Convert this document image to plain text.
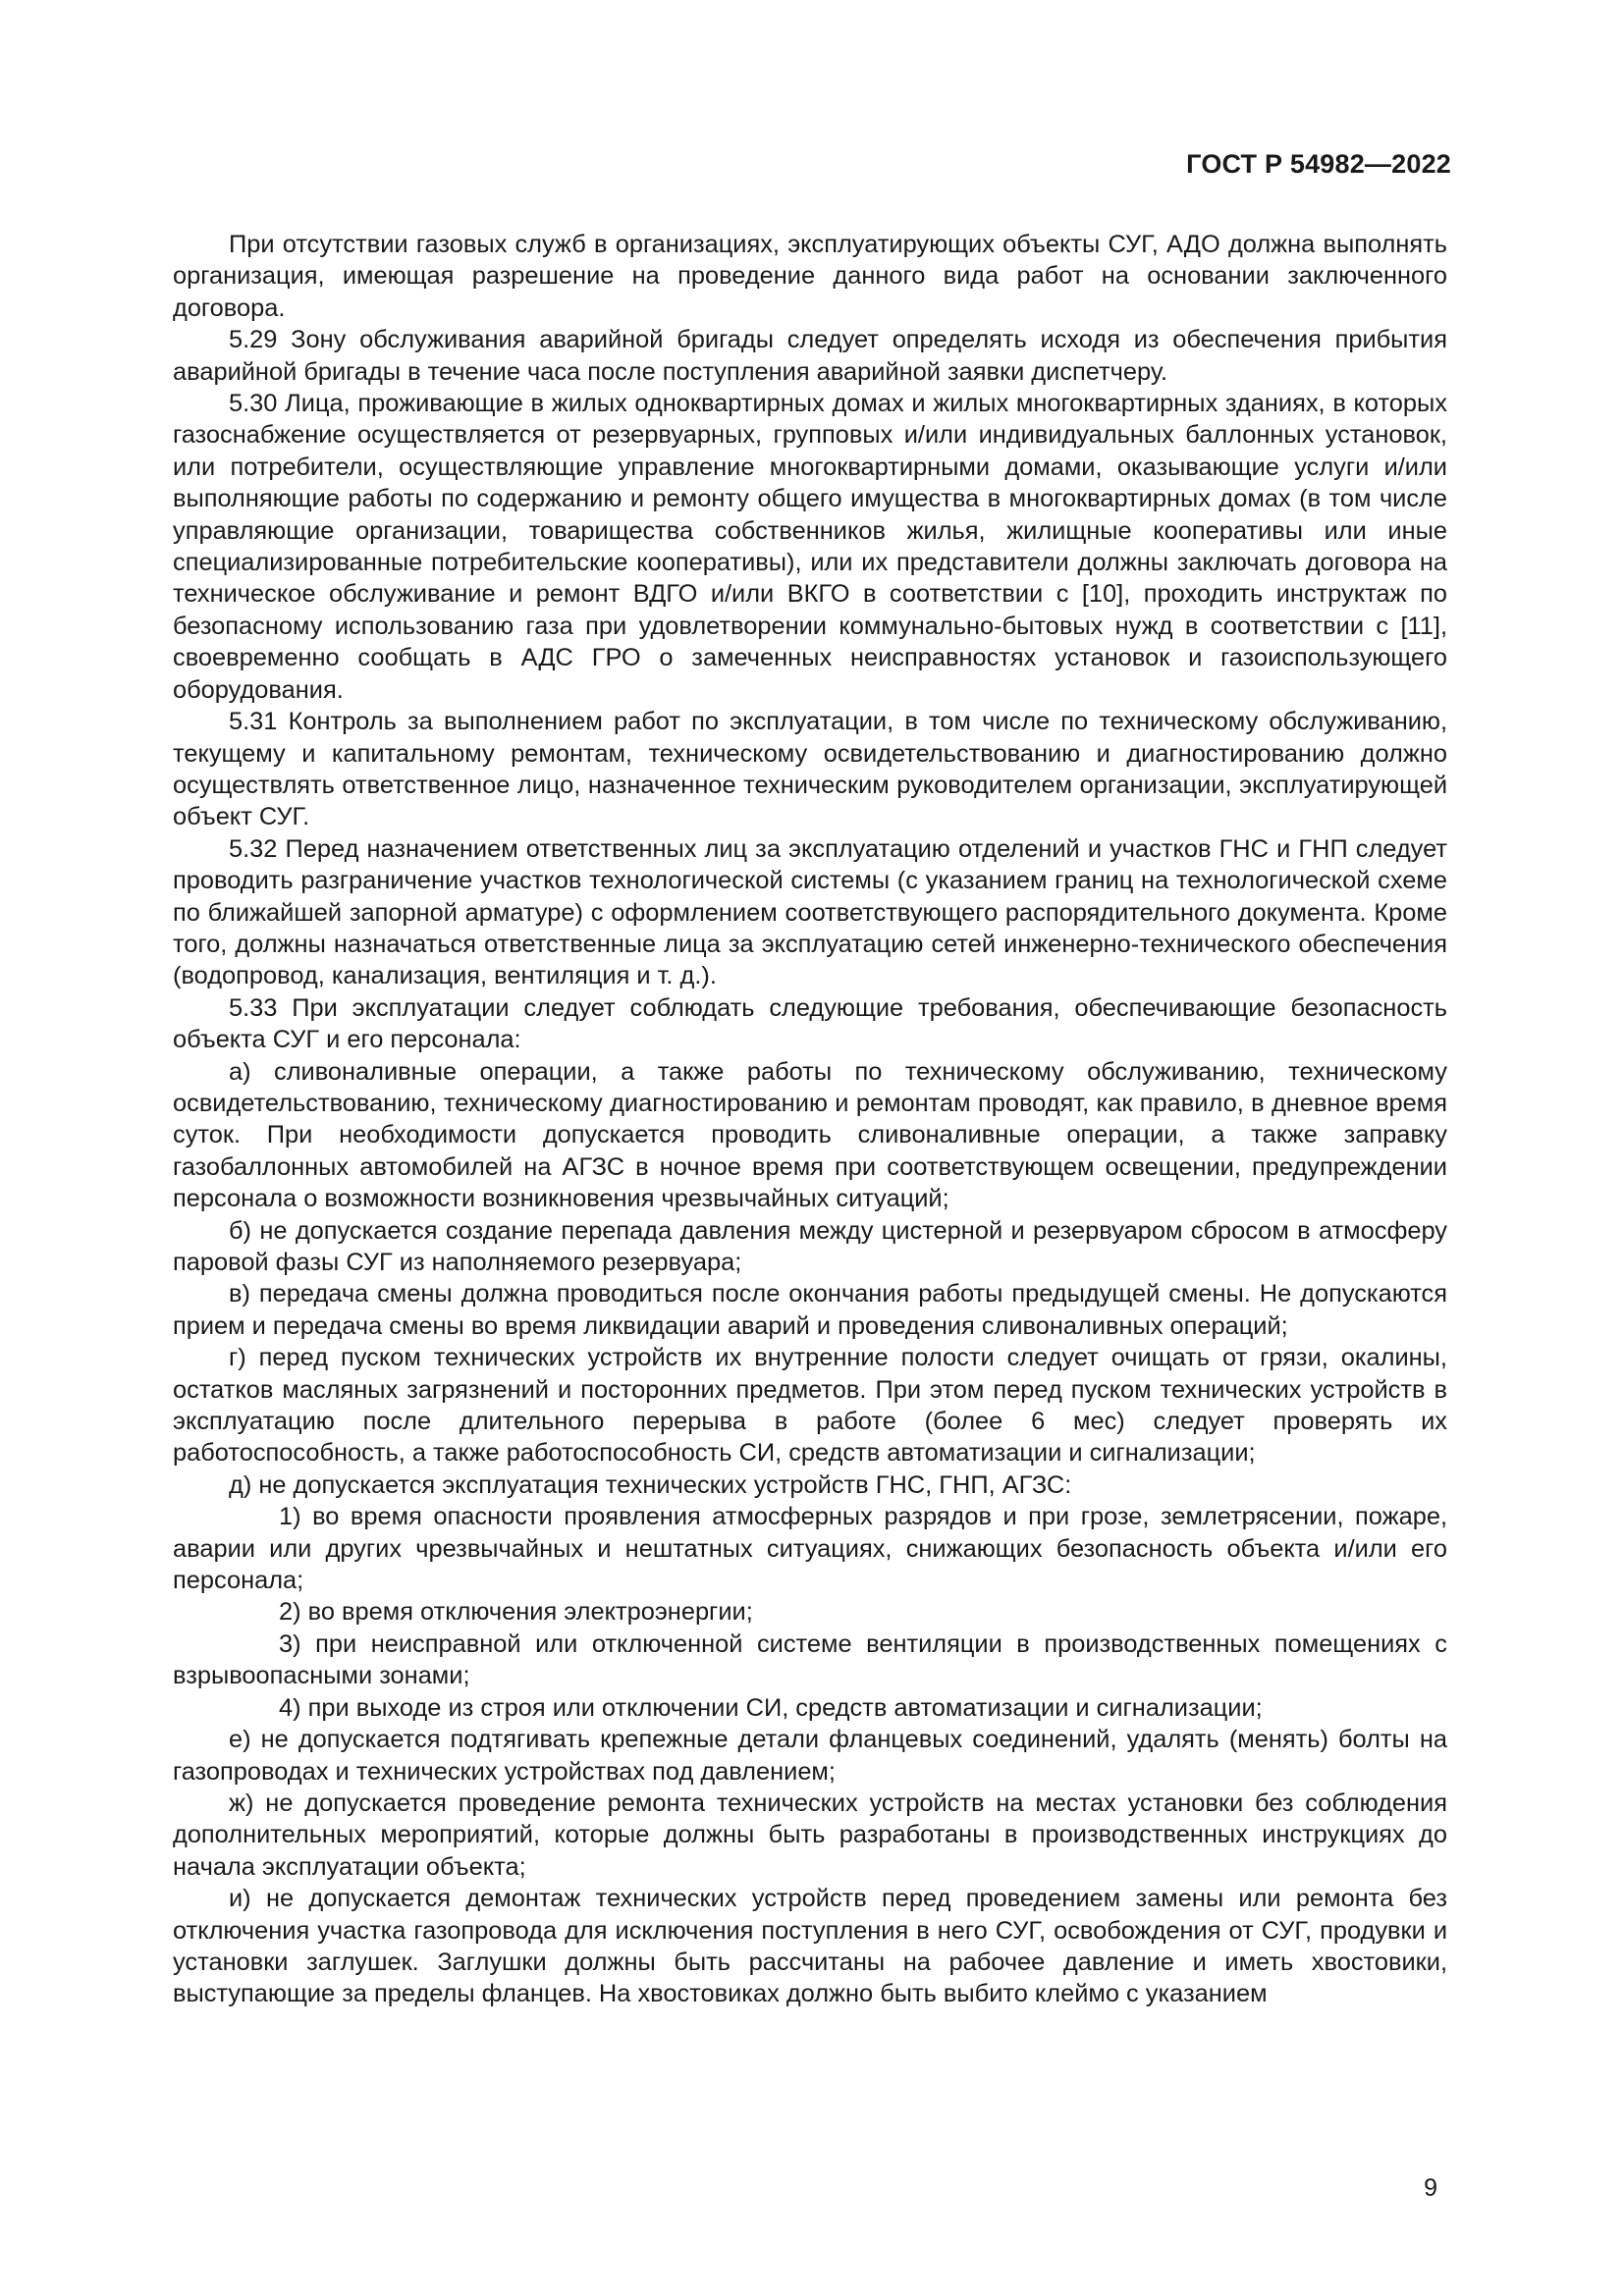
ГОСТ Р 54982—2022

При отсутствии газовых служб в организациях, эксплуатирующих объекты СУГ, АДО должна выполнять организация, имеющая разрешение на проведение данного вида работ на основании заключенного договора.

5.29 Зону обслуживания аварийной бригады следует определять исходя из обеспечения прибытия аварийной бригады в течение часа после поступления аварийной заявки диспетчеру.

5.30 Лица, проживающие в жилых одноквартирных домах и жилых многоквартирных зданиях, в которых газоснабжение осуществляется от резервуарных, групповых и/или индивидуальных баллонных установок, или потребители, осуществляющие управление многоквартирными домами, оказывающие услуги и/или выполняющие работы по содержанию и ремонту общего имущества в многоквартирных домах (в том числе управляющие организации, товарищества собственников жилья, жилищные кооперативы или иные специализированные потребительские кооперативы), или их представители должны заключать договора на техническое обслуживание и ремонт ВДГО и/или ВКГО в соответствии с [10], проходить инструктаж по безопасному использованию газа при удовлетворении коммунально-бытовых нужд в соответствии с [11], своевременно сообщать в АДС ГРО о замеченных неисправностях установок и газоиспользующего оборудования.

5.31 Контроль за выполнением работ по эксплуатации, в том числе по техническому обслуживанию, текущему и капитальному ремонтам, техническому освидетельствованию и диагностированию должно осуществлять ответственное лицо, назначенное техническим руководителем организации, эксплуатирующей объект СУГ.

5.32 Перед назначением ответственных лиц за эксплуатацию отделений и участков ГНС и ГНП следует проводить разграничение участков технологической системы (с указанием границ на технологической схеме по ближайшей запорной арматуре) с оформлением соответствующего распорядительного документа. Кроме того, должны назначаться ответственные лица за эксплуатацию сетей инженерно-технического обеспечения (водопровод, канализация, вентиляция и т. д.).

5.33 При эксплуатации следует соблюдать следующие требования, обеспечивающие безопасность объекта СУГ и его персонала:

а) сливоналивные операции, а также работы по техническому обслуживанию, техническому освидетельствованию, техническому диагностированию и ремонтам проводят, как правило, в дневное время суток. При необходимости допускается проводить сливоналивные операции, а также заправку газобаллонных автомобилей на АГЗС в ночное время при соответствующем освещении, предупреждении персонала о возможности возникновения чрезвычайных ситуаций;

б) не допускается создание перепада давления между цистерной и резервуаром сбросом в атмосферу паровой фазы СУГ из наполняемого резервуара;

в) передача смены должна проводиться после окончания работы предыдущей смены. Не допускаются прием и передача смены во время ликвидации аварий и проведения сливоналивных операций;

г) перед пуском технических устройств их внутренние полости следует очищать от грязи, окалины, остатков масляных загрязнений и посторонних предметов. При этом перед пуском технических устройств в эксплуатацию после длительного перерыва в работе (более 6 мес) следует проверять их работоспособность, а также работоспособность СИ, средств автоматизации и сигнализации;

д) не допускается эксплуатация технических устройств ГНС, ГНП, АГЗС:

1) во время опасности проявления атмосферных разрядов и при грозе, землетрясении, пожаре, аварии или других чрезвычайных и нештатных ситуациях, снижающих безопасность объекта и/или его персонала;

2) во время отключения электроэнергии;

3) при неисправной или отключенной системе вентиляции в производственных помещениях с взрывоопасными зонами;

4) при выходе из строя или отключении СИ, средств автоматизации и сигнализации;

е) не допускается подтягивать крепежные детали фланцевых соединений, удалять (менять) болты на газопроводах и технических устройствах под давлением;

ж) не допускается проведение ремонта технических устройств на местах установки без соблюдения дополнительных мероприятий, которые должны быть разработаны в производственных инструкциях до начала эксплуатации объекта;

и) не допускается демонтаж технических устройств перед проведением замены или ремонта без отключения участка газопровода для исключения поступления в него СУГ, освобождения от СУГ, продувки и установки заглушек. Заглушки должны быть рассчитаны на рабочее давление и иметь хвостовики, выступающие за пределы фланцев. На хвостовиках должно быть выбито клеймо с указанием

9
